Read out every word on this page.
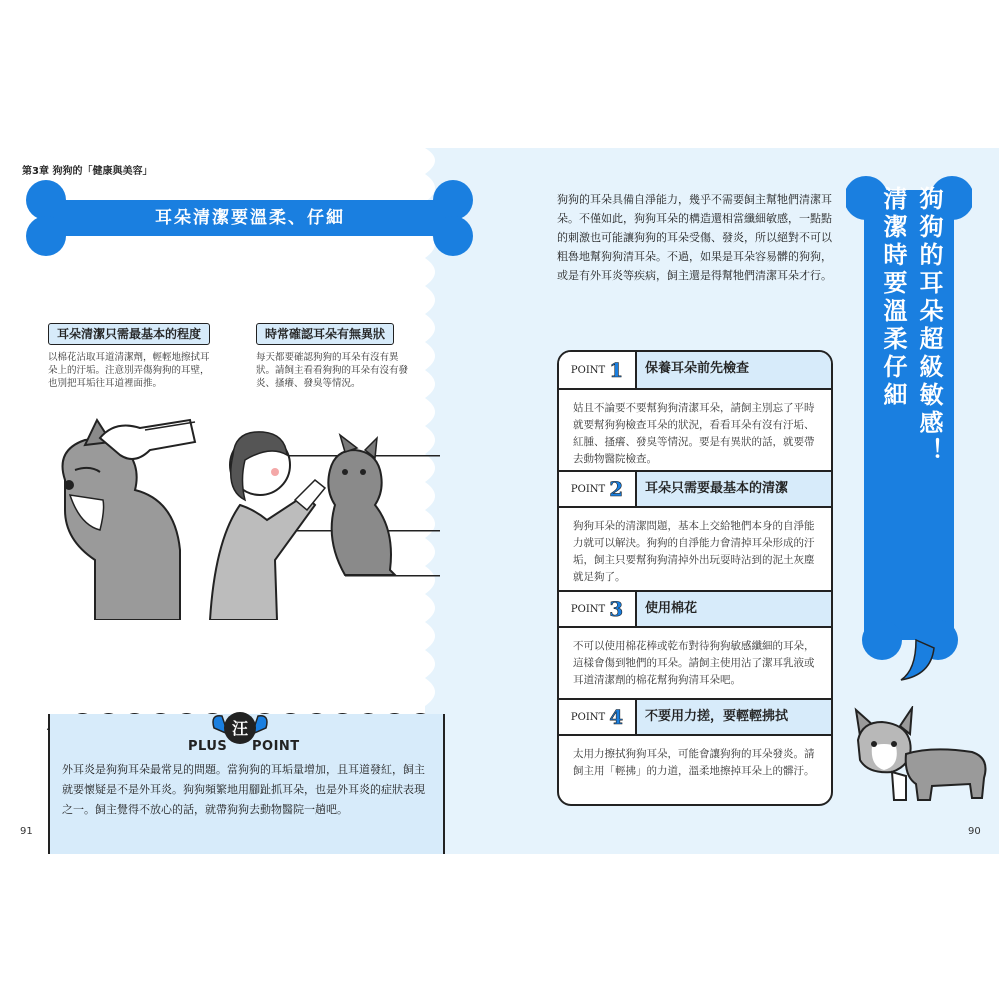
第3章 狗狗的「健康與美容」
耳朵清潔要溫柔、仔細
耳朵清潔只需最基本的程度
以棉花沾取耳道清潔劑，輕輕地擦拭耳朵上的汙垢。注意別弄傷狗狗的耳壁，也別把耳垢往耳道裡面推。
時常確認耳朵有無異狀
每天都要確認狗狗的耳朵有沒有異狀。請飼主看看狗狗的耳朵有沒有發炎、搔癢、發臭等情況。
汪
PLUS POINT
外耳炎是狗狗耳朵最常見的問題。當狗狗的耳垢量增加，且耳道發紅，飼主就要懷疑是不是外耳炎。狗狗頻繁地用腳趾抓耳朵，也是外耳炎的症狀表現之一。飼主覺得不放心的話，就帶狗狗去動物醫院一趟吧。
91	90
狗狗的耳朵具備自淨能力，幾乎不需要飼主幫牠們清潔耳朵。不僅如此，狗狗耳朵的構造還相當纖細敏感，一點點的刺激也可能讓狗狗的耳朵受傷、發炎，所以絕對不可以粗魯地幫狗狗清耳朵。不過，如果是耳朵容易髒的狗狗，或是有外耳炎等疾病，飼主還是得幫牠們清潔耳朵才行。
POINT 1 保養耳朵前先檢查
姑且不論要不要幫狗狗清潔耳朵，請飼主別忘了平時就要幫狗狗檢查耳朵的狀況，看看耳朵有沒有汙垢、紅腫、搔癢、發臭等情況。要是有異狀的話，就要帶去動物醫院檢查。
POINT 2 耳朵只需要最基本的清潔
狗狗耳朵的清潔問題，基本上交給牠們本身的自淨能力就可以解決。狗狗的自淨能力會清掉耳朵形成的汙垢，飼主只要幫狗狗清掉外出玩耍時沾到的泥土灰塵就足夠了。
POINT 3 使用棉花
不可以使用棉花棒或乾布對待狗狗敏感纖細的耳朵，這樣會傷到牠們的耳朵。請飼主使用沾了潔耳乳液或耳道清潔劑的棉花幫狗狗清耳朵吧。
POINT 4 不要用力搓，要輕輕拂拭
太用力擦拭狗狗耳朵，可能會讓狗狗的耳朵發炎。請飼主用「輕拂」的力道，溫柔地擦掉耳朵上的髒汙。
狗狗的耳朵超級敏感！
清潔時要溫柔仔細
